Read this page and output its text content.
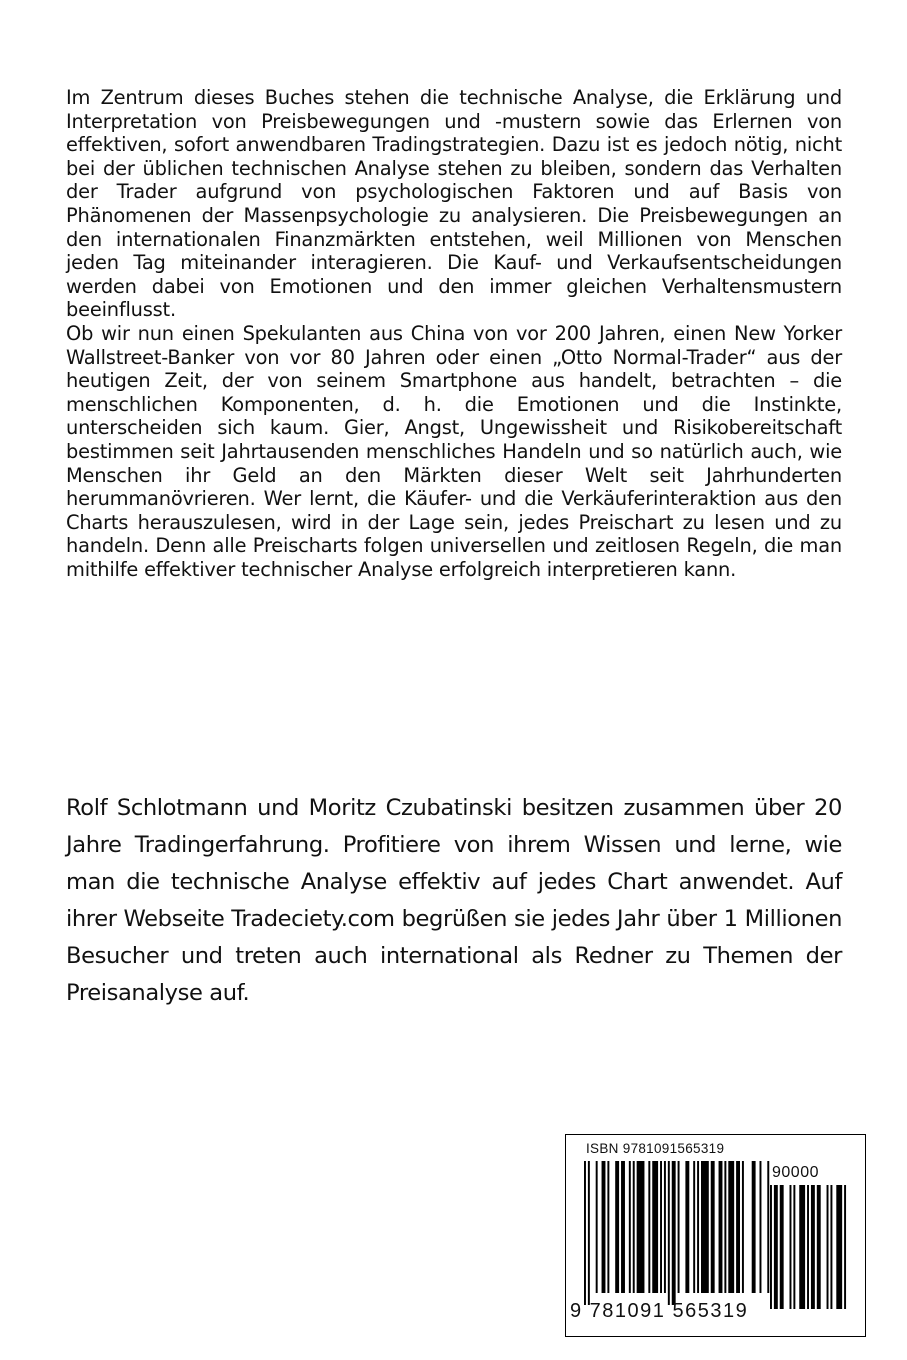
Im Zentrum dieses Buches stehen die technische Analyse, die Erklärung und Interpretation von Preisbewegungen und -mustern sowie das Erlernen von effektiven, sofort anwendbaren Tradingstrategien. Dazu ist es jedoch nötig, nicht bei der üblichen technischen Analyse stehen zu bleiben, sondern das Verhalten der Trader aufgrund von psychologischen Faktoren und auf Basis von Phänomenen der Massenpsychologie zu analysieren. Die Preisbewegungen an den internationalen Finanzmärkten entstehen, weil Millionen von Menschen jeden Tag miteinander interagieren. Die Kauf- und Verkaufsentscheidungen werden dabei von Emotionen und den immer gleichen Verhaltensmustern beeinflusst.

Ob wir nun einen Spekulanten aus China von vor 200 Jahren, einen New Yorker Wallstreet-Banker von vor 80 Jahren oder einen „Otto Normal-Trader“ aus der heutigen Zeit, der von seinem Smartphone aus handelt, betrachten – die menschlichen Komponenten, d. h. die Emotionen und die Instinkte, unterscheiden sich kaum. Gier, Angst, Ungewissheit und Risikobereitschaft bestimmen seit Jahrtausenden menschliches Handeln und so natürlich auch, wie Menschen ihr Geld an den Märkten dieser Welt seit Jahrhunderten herummanövrieren. Wer lernt, die Käufer- und die Verkäuferinteraktion aus den Charts herauszulesen, wird in der Lage sein, jedes Preischart zu lesen und zu handeln. Denn alle Preischarts folgen universellen und zeitlosen Regeln, die man mithilfe effektiver technischer Analyse erfolgreich interpretieren kann.

Rolf Schlotmann und Moritz Czubatinski besitzen zusammen über 20 Jahre Tradingerfahrung. Profitiere von ihrem Wissen und lerne, wie man die technische Analyse effektiv auf jedes Chart anwendet. Auf ihrer Webseite Tradeciety.com begrüßen sie jedes Jahr über 1 Millionen Besucher und treten auch international als Redner zu Themen der Preisanalyse auf.
ISBN 9781091565319
90000
9 781091 565319
